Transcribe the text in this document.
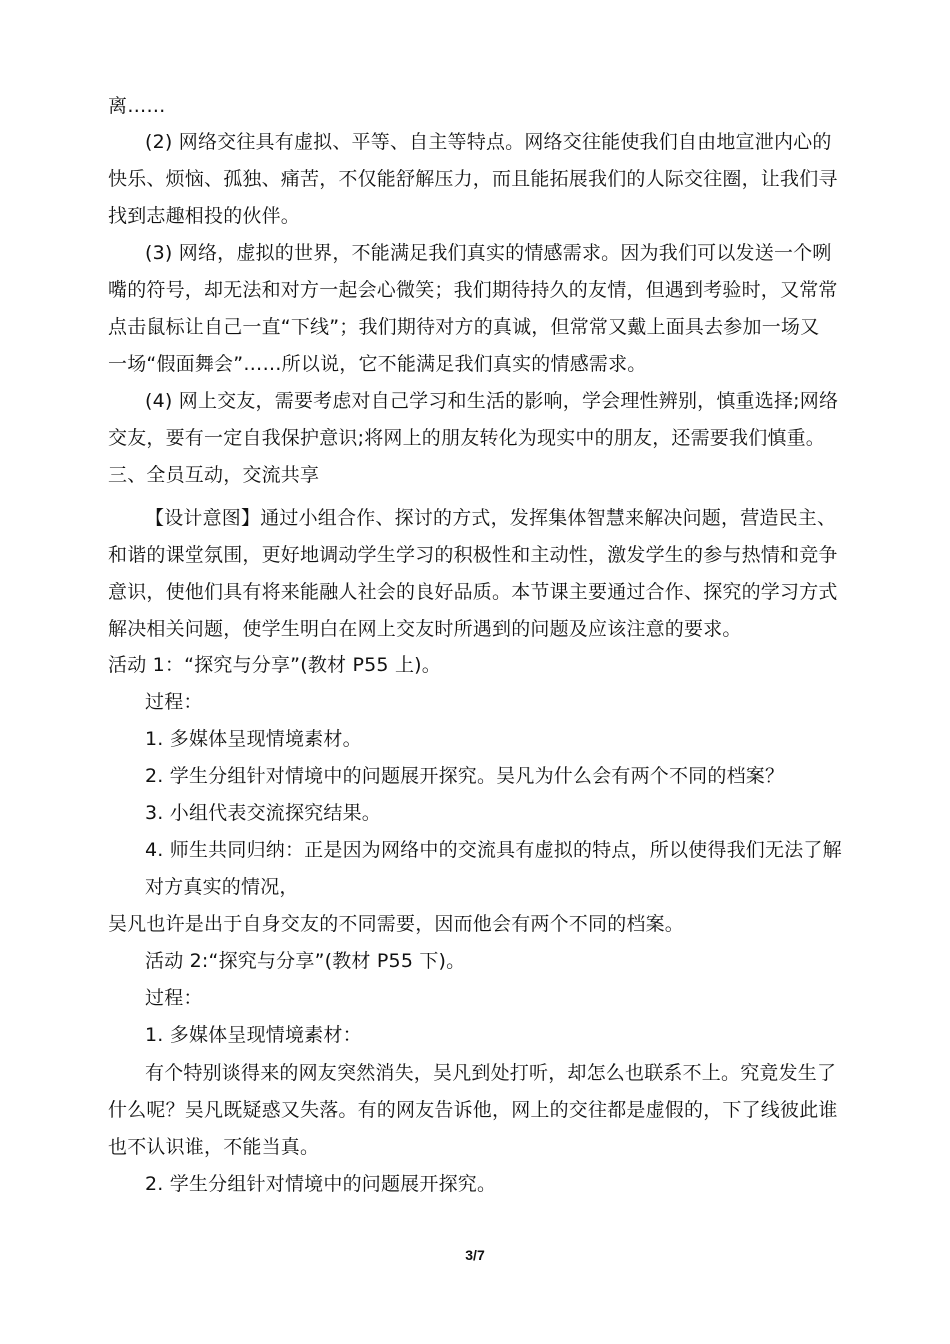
离……
(2) 网络交往具有虚拟、平等、自主等特点。网络交往能使我们自由地宣泄内心的
快乐、烦恼、孤独、痛苦，不仅能舒解压力，而且能拓展我们的人际交往圈，让我们寻
找到志趣相投的伙伴。
(3) 网络，虚拟的世界，不能满足我们真实的情感需求。因为我们可以发送一个咧
嘴的符号，却无法和对方一起会心微笑；我们期待持久的友情，但遇到考验时，又常常
点击鼠标让自己一直“下线”；我们期待对方的真诚，但常常又戴上面具去参加一场又
一场“假面舞会”……所以说，它不能满足我们真实的情感需求。
(4) 网上交友，需要考虑对自己学习和生活的影响，学会理性辨别，慎重选择;网络
交友，要有一定自我保护意识;将网上的朋友转化为现实中的朋友，还需要我们慎重。
三、全员互动，交流共享
【设计意图】通过小组合作、探讨的方式，发挥集体智慧来解决问题，营造民主、
和谐的课堂氛围，更好地调动学生学习的积极性和主动性，激发学生的参与热情和竞争
意识，使他们具有将来能融人社会的良好品质。本节课主要通过合作、探究的学习方式
解决相关问题，使学生明白在网上交友时所遇到的问题及应该注意的要求。
活动 1：“探究与分享”(教材 P55 上)。
过程：
1. 多媒体呈现情境素材。
2. 学生分组针对情境中的问题展开探究。吴凡为什么会有两个不同的档案？
3. 小组代表交流探究结果。
4. 师生共同归纳：正是因为网络中的交流具有虚拟的特点，所以使得我们无法了解
对方真实的情况，
吴凡也许是出于自身交友的不同需要，因而他会有两个不同的档案。
活动 2:“探究与分享”(教材 P55 下)。
过程：
1. 多媒体呈现情境素材：
有个特别谈得来的网友突然消失，吴凡到处打听，却怎么也联系不上。究竟发生了
什么呢？吴凡既疑惑又失落。有的网友告诉他，网上的交往都是虚假的，下了线彼此谁
也不认识谁，不能当真。
2. 学生分组针对情境中的问题展开探究。
3/7
